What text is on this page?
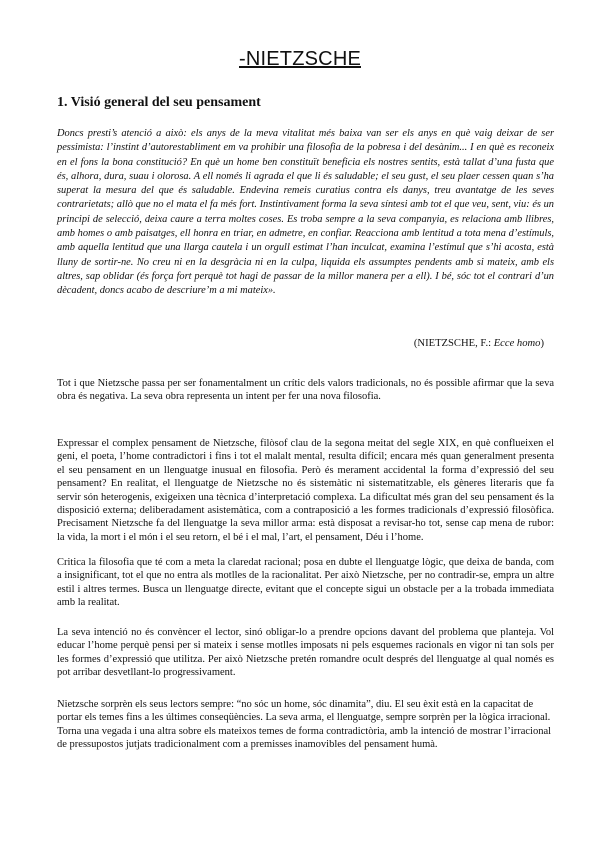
-NIETZSCHE
1. Visió general del seu pensament
Doncs presti’s atenció a això: els anys de la meva vitalitat més baixa van ser els anys en què vaig deixar de ser pessimista: l’instint d’autorestabliment em va prohibir una filosofia de la pobresa i del desànim... I en què es reconeix en el fons la bona constitució? En què un home ben constituït beneficia els nostres sentits, està tallat d’una fusta que és, alhora, dura, suau i olorosa. A ell només li agrada el que li és saludable; el seu gust, el seu plaer cessen quan s’ha superat la mesura del que és saludable. Endevina remeis curatius contra els danys, treu avantatge de les seves contrarietats; allò que no el mata el fa més fort. Instintivament forma la seva síntesi amb tot el que veu, sent, viu: és un principi de selecció, deixa caure a terra moltes coses. Es troba sempre a la seva companyia, es relaciona amb llibres, amb homes o amb paisatges, ell honra en triar, en admetre, en confiar. Reacciona amb lentitud a tota mena d’estímuls, amb aquella lentitud que una llarga cautela i un orgull estimat l’han inculcat, examina l’estímul que s’hi acosta, està lluny de sortir-ne. No creu ni en la desgràcia ni en la culpa, liquida els assumptes pendents amb si mateix, amb els altres, sap oblidar (és força fort perquè tot hagi de passar de la millor manera per a ell). I bé, sóc tot el contrari d’un dècadent, doncs acabo de descriure’m a mi mateix».
(NIETZSCHE, F.: Ecce homo)

Tot i que Nietzsche passa per ser fonamentalment un crític dels valors tradicionals, no és possible afirmar que la seva obra és negativa. La seva obra representa un intent per fer una nova filosofia.

Expressar el complex pensament de Nietzsche, filòsof clau de la segona meitat del segle XIX, en què conflueixen el geni, el poeta, l’home contradictori i fins i tot el malalt mental, resulta difícil; encara més quan generalment presenta el seu pensament en un llenguatge inusual en filosofia. Però és merament accidental la forma d’expressió del seu pensament? En realitat, el llenguatge de Nietzsche no és sistemàtic ni sistematitzable, els gèneres literaris que fa servir són heterogenis, exigeixen una tècnica d’interpretació complexa. La dificultat més gran del seu pensament és la disposició externa; deliberadament asistemàtica, com a contraposició a les formes tradicionals d’expressió filosòfica. Precisament Nietzsche fa del llenguatge la seva millor arma: està disposat a revisar-ho tot, sense cap mena de rubor: la vida, la mort i el món i el seu retorn, el bé i el mal, l’art, el pensament, Déu i l’home.

Critica la filosofia que té com a meta la claredat racional; posa en dubte el llenguatge lògic, que deixa de banda, com a insignificant, tot el que no entra als motlles de la racionalitat. Per això Nietzsche, per no contradir-se, empra un altre estil i altres termes. Busca un llenguatge directe, evitant que el concepte sigui un obstacle per a la trobada immediata amb la realitat.

La seva intenció no és convèncer el lector, sinó obligar-lo a prendre opcions davant del problema que planteja. Vol educar l’home perquè pensi per si mateix i sense motlles imposats ni pels esquemes racionals en vigor ni tan sols per les formes d’expressió que utilitza. Per això Nietzsche pretén romandre ocult després del llenguatge al qual només es pot arribar desvetllant-lo progressivament.

Nietzsche sorprèn els seus lectors sempre: “no sóc un home, sóc dinamita”, diu. El seu èxit està en la capacitat de portar els temes fins a les últimes conseqüències. La seva arma, el llenguatge, sempre sorprèn per la lògica irracional. Torna una vegada i una altra sobre els mateixos temes de forma contradictòria, amb la intenció de mostrar l’irracional de pressupostos jutjats tradicionalment com a premisses inamovibles del pensament humà.
